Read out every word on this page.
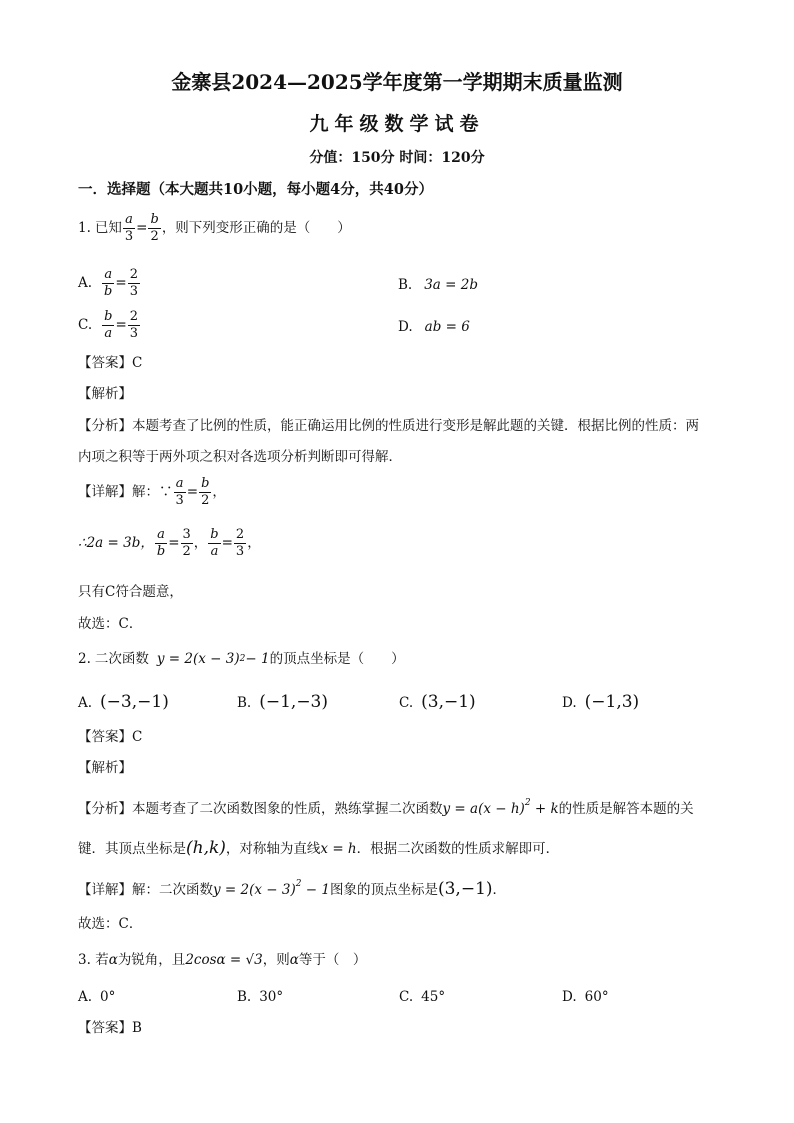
金寨县2024—2025学年度第一学期期末质量监测
九年级数学试卷
分值：150分 时间：120分
一．选择题（本大题共10小题，每小题4分，共40分）
1. 已知 $\frac{a}{3} = \frac{b}{2}$ ，则下列变形正确的是（　　）
A. $\frac{a}{b} = \frac{2}{3}$	B. 3a = 2b
C. $\frac{b}{a} = \frac{2}{3}$	D. ab = 6
【答案】C
【解析】
【分析】本题考查了比例的性质，能正确运用比例的性质进行变形是解此题的关键．根据比例的性质：两
内项之积等于两外项之积对各选项分析判断即可得解．
【详解】 解：∵ $\frac{a}{3} = \frac{b}{2}$ ，
∴2a = 3b， $\frac{a}{b} = \frac{3}{2}$ ， $\frac{b}{a} = \frac{2}{3}$ ，
只有C符合题意，
故选：C．
2. 二次函数 y = 2(x − 3) 2 − 1 的顶点坐标是（　　）
A. (−3,−1)	B. (−1,−3)	C. (3,−1)	D. (−1,3)
【答案】C
【解析】
【分析】本题考查了二次函数图象的性质，熟练掌握二次函数$y = a(x - h)^2 + k$的性质是解答本题的关
键．其顶点坐标是(h,k)，对称轴为直线x = h．根据二次函数的性质求解即可．
【详解】解：二次函数$y = 2(x - 3)^2 - 1$图象的顶点坐标是(3,−1)．
故选：C．
3. 若α为锐角，且2cosα = √3，则α等于（　）
A. 0°	B. 30°	C. 45°	D. 60°
【答案】B
